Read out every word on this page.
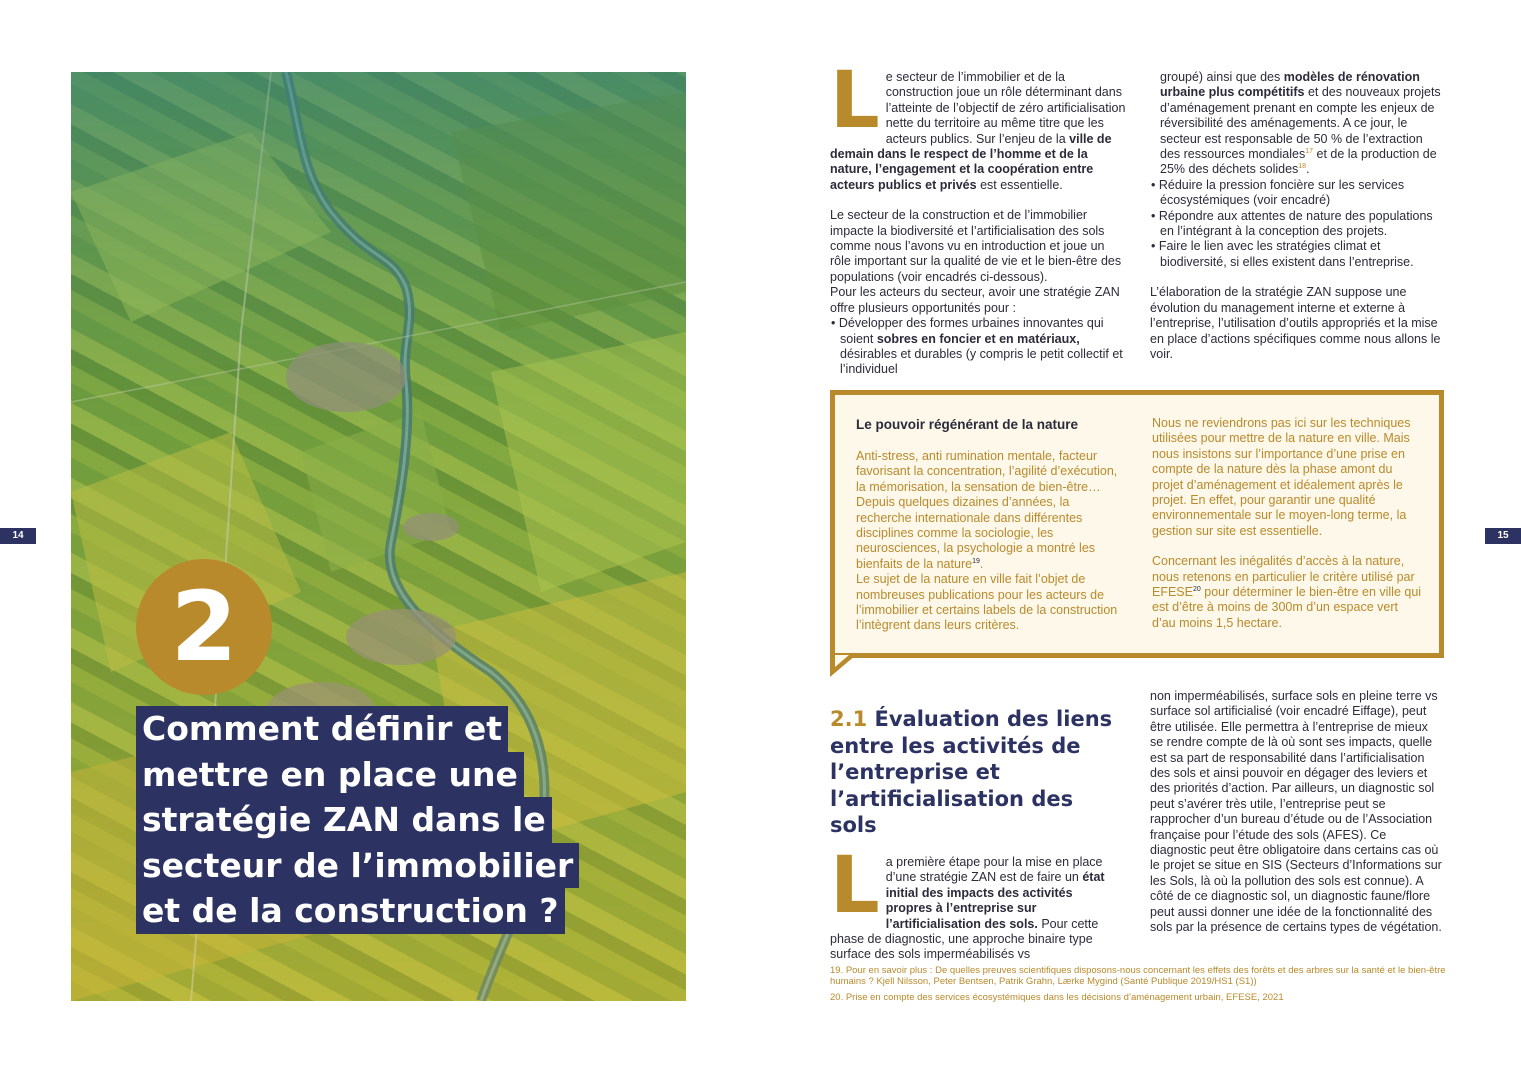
14
2
Comment définir et
mettre en place une
stratégie ZAN dans le
secteur de l’immobilier
et de la construction ?
15

Le secteur de l’immobilier et de la construction joue un rôle déterminant dans l’atteinte de l’objectif de zéro artificialisation nette du territoire au même titre que les acteurs publics. Sur l’enjeu de la ville de demain dans le respect de l’homme et de la nature, l’engagement et la coopération entre acteurs publics et privés est essentielle.

Le secteur de la construction et de l’immobilier impacte la biodiversité et l’artificialisation des sols comme nous l’avons vu en introduction et joue un rôle important sur la qualité de vie et le bien-être des populations (voir encadrés ci-dessous).

Pour les acteurs du secteur, avoir une stratégie ZAN offre plusieurs opportunités pour :

• Développer des formes urbaines innovantes qui soient sobres en foncier et en matériaux, désirables et durables (y compris le petit collectif et l’individuel

groupé) ainsi que des modèles de rénovation urbaine plus compétitifs et des nouveaux projets d’aménagement prenant en compte les enjeux de réversibilité des aménagements. A ce jour, le secteur est responsable de 50 % de l’extraction des ressources mondiales$^{17}$ et de la production de 25% des déchets solides$^{18}$.

• Réduire la pression foncière sur les services écosystémiques (voir encadré)

• Répondre aux attentes de nature des populations en l’intégrant à la conception des projets.

• Faire le lien avec les stratégies climat et biodiversité, si elles existent dans l’entreprise.

L’élaboration de la stratégie ZAN suppose une évolution du management interne et externe à l’entreprise, l’utilisation d’outils appropriés et la mise en place d’actions spécifiques comme nous allons le voir.

Le pouvoir régénérant de la nature

Anti-stress, anti rumination mentale, facteur favorisant la concentration, l’agilité d’exécution, la mémorisation, la sensation de bien-être… Depuis quelques dizaines d’années, la recherche internationale dans différentes disciplines comme la sociologie, les neurosciences, la psychologie a montré les bienfaits de la nature$^{19}$.

Le sujet de la nature en ville fait l’objet de nombreuses publications pour les acteurs de l’immobilier et certains labels de la construction l’intègrent dans leurs critères.

Nous ne reviendrons pas ici sur les techniques utilisées pour mettre de la nature en ville. Mais nous insistons sur l’importance d’une prise en compte de la nature dès la phase amont du projet d’aménagement et idéalement après le projet. En effet, pour garantir une qualité environnementale sur le moyen-long terme, la gestion sur site est essentielle.

Concernant les inégalités d’accès à la nature, nous retenons en particulier le critère utilisé par EFESE$^{20}$ pour déterminer le bien-être en ville qui est d’être à moins de 300m d’un espace vert d’au moins 1,5 hectare.

2.1 Évaluation des liens entre les activités de l’entreprise et l’artificialisation des sols

La première étape pour la mise en place d’une stratégie ZAN est de faire un état initial des impacts des activités propres à l’entreprise sur l’artificialisation des sols. Pour cette phase de diagnostic, une approche binaire type surface des sols imperméabilisés vs

non imperméabilisés, surface sols en pleine terre vs surface sol artificialisé (voir encadré Eiffage), peut être utilisée. Elle permettra à l’entreprise de mieux se rendre compte de là où sont ses impacts, quelle est sa part de responsabilité dans l’artificialisation des sols et ainsi pouvoir en dégager des leviers et des priorités d’action. Par ailleurs, un diagnostic sol peut s’avérer très utile, l’entreprise peut se rapprocher d’un bureau d’étude ou de l’Association française pour l’étude des sols (AFES). Ce diagnostic peut être obligatoire dans certains cas où le projet se situe en SIS (Secteurs d’Informations sur les Sols, là où la pollution des sols est connue). A côté de ce diagnostic sol, un diagnostic faune/flore peut aussi donner une idée de la fonctionnalité des sols par la présence de certains types de végétation.

19. Pour en savoir plus : De quelles preuves scientifiques disposons-nous concernant les effets des forêts et des arbres sur la santé et le bien-être humains ? Kjell Nilsson, Peter Bentsen, Patrik Grahn, Lærke Mygind (Santé Publique 2019/HS1 (S1))
20. Prise en compte des services écosystémiques dans les décisions d’aménagement urbain, EFESE, 2021
